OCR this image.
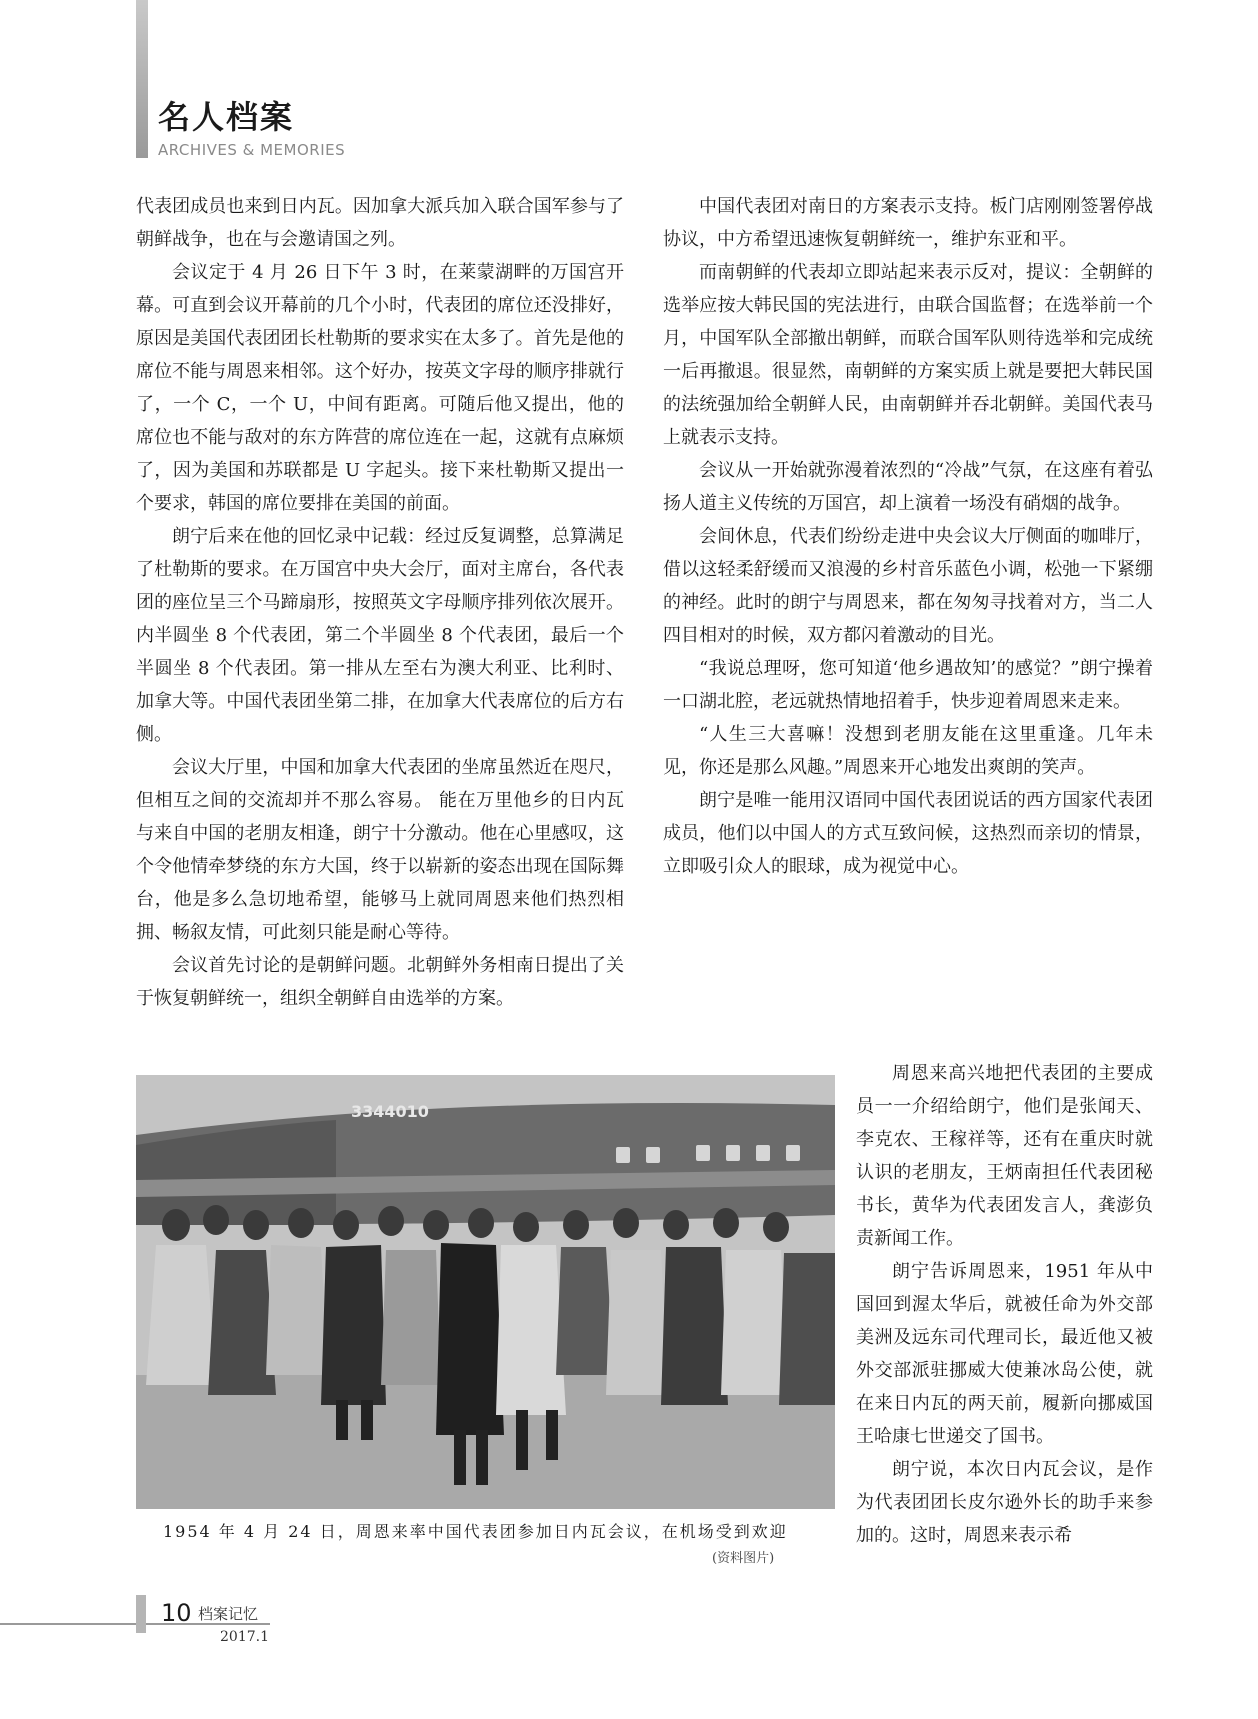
名人档案
ARCHIVES & MEMORIES

代表团成员也来到日内瓦。因加拿大派兵加入联合国军参与了朝鲜战争，也在与会邀请国之列。

会议定于 4 月 26 日下午 3 时，在莱蒙湖畔的万国宫开幕。可直到会议开幕前的几个小时，代表团的席位还没排好，原因是美国代表团团长杜勒斯的要求实在太多了。首先是他的席位不能与周恩来相邻。这个好办，按英文字母的顺序排就行了，一个 C，一个 U，中间有距离。可随后他又提出，他的席位也不能与敌对的东方阵营的席位连在一起，这就有点麻烦了，因为美国和苏联都是 U 字起头。接下来杜勒斯又提出一个要求，韩国的席位要排在美国的前面。

朗宁后来在他的回忆录中记载：经过反复调整，总算满足了杜勒斯的要求。在万国宫中央大会厅，面对主席台，各代表团的座位呈三个马蹄扇形，按照英文字母顺序排列依次展开。内半圆坐 8 个代表团，第二个半圆坐 8 个代表团，最后一个半圆坐 8 个代表团。第一排从左至右为澳大利亚、比利时、加拿大等。中国代表团坐第二排，在加拿大代表席位的后方右侧。

会议大厅里，中国和加拿大代表团的坐席虽然近在咫尺，但相互之间的交流却并不那么容易。 能在万里他乡的日内瓦与来自中国的老朋友相逢，朗宁十分激动。他在心里感叹，这个令他情牵梦绕的东方大国，终于以崭新的姿态出现在国际舞台，他是多么急切地希望，能够马上就同周恩来他们热烈相拥、畅叙友情，可此刻只能是耐心等待。

会议首先讨论的是朝鲜问题。北朝鲜外务相南日提出了关于恢复朝鲜统一，组织全朝鲜自由选举的方案。

中国代表团对南日的方案表示支持。板门店刚刚签署停战协议，中方希望迅速恢复朝鲜统一，维护东亚和平。

而南朝鲜的代表却立即站起来表示反对，提议：全朝鲜的选举应按大韩民国的宪法进行，由联合国监督；在选举前一个月，中国军队全部撤出朝鲜，而联合国军队则待选举和完成统一后再撤退。很显然，南朝鲜的方案实质上就是要把大韩民国的法统强加给全朝鲜人民，由南朝鲜并吞北朝鲜。美国代表马上就表示支持。

会议从一开始就弥漫着浓烈的“冷战”气氛，在这座有着弘扬人道主义传统的万国宫，却上演着一场没有硝烟的战争。

会间休息，代表们纷纷走进中央会议大厅侧面的咖啡厅，借以这轻柔舒缓而又浪漫的乡村音乐蓝色小调，松弛一下紧绷的神经。此时的朗宁与周恩来，都在匆匆寻找着对方，当二人四目相对的时候，双方都闪着激动的目光。

“我说总理呀，您可知道‘他乡遇故知’的感觉？”朗宁操着一口湖北腔，老远就热情地招着手，快步迎着周恩来走来。

“人生三大喜嘛！没想到老朋友能在这里重逢。几年未见，你还是那么风趣。”周恩来开心地发出爽朗的笑声。

朗宁是唯一能用汉语同中国代表团说话的西方国家代表团成员，他们以中国人的方式互致问候，这热烈而亲切的情景，立即吸引众人的眼球，成为视觉中心。

周恩来高兴地把代表团的主要成员一一介绍给朗宁，他们是张闻天、李克农、王稼祥等，还有在重庆时就认识的老朋友，王炳南担任代表团秘书长，黄华为代表团发言人，龚澎负责新闻工作。

朗宁告诉周恩来，1951 年从中国回到渥太华后，就被任命为外交部美洲及远东司代理司长，最近他又被外交部派驻挪威大使兼冰岛公使，就在来日内瓦的两天前，履新向挪威国王哈康七世递交了国书。

朗宁说，本次日内瓦会议，是作为代表团团长皮尔逊外长的助手来参加的。这时，周恩来表示希

3344010
1954 年 4 月 24 日，周恩来率中国代表团参加日内瓦会议，在机场受到欢迎
(资料图片)
10 档案记忆
2017.1
